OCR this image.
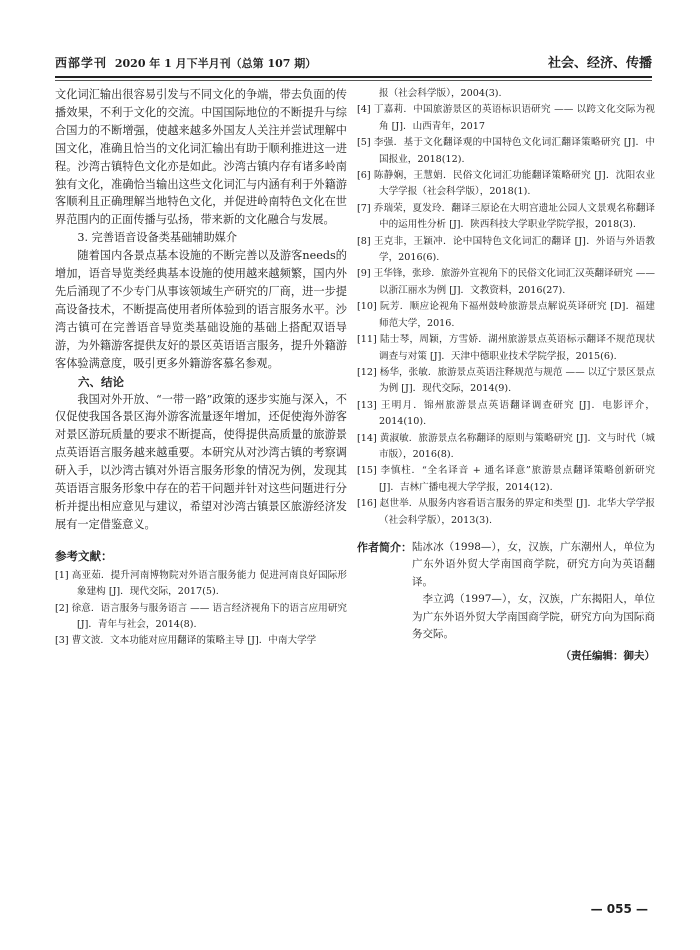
西部学刊 2020 年 1 月下半月刊（总第 107 期）	社会、经济、传播

文化词汇输出很容易引发与不同文化的争端，带去负面的传播效果，不利于文化的交流。中国国际地位的不断提升与综合国力的不断增强，使越来越多外国友人关注并尝试理解中国文化，准确且恰当的文化词汇输出有助于顺利推进这一进程。沙湾古镇特色文化亦是如此。沙湾古镇内存有诸多岭南独有文化，准确恰当输出这些文化词汇与内涵有利于外籍游客顺利且正确理解当地特色文化，并促进岭南特色文化在世界范围内的正面传播与弘扬，带来新的文化融合与发展。

3. 完善语音设备类基础辅助媒介

随着国内各景点基本设施的不断完善以及游客needs的增加，语音导览类经典基本设施的使用越来越频繁，国内外先后涌现了不少专门从事该领域生产研究的厂商，进一步提高设备技术，不断提高使用者所体验到的语言服务水平。沙湾古镇可在完善语音导览类基础设施的基础上搭配双语导游，为外籍游客提供友好的景区英语语言服务，提升外籍游客体验满意度，吸引更多外籍游客慕名参观。

六、结论

我国对外开放、“一带一路”政策的逐步实施与深入，不仅促使我国各景区海外游客流量逐年增加，还促使海外游客对景区游玩质量的要求不断提高，使得提供高质量的旅游景点英语语言服务越来越重要。本研究从对沙湾古镇的考察调研入手，以沙湾古镇对外语言服务形象的情况为例，发现其英语语言服务形象中存在的若干问题并针对这些问题进行分析并提出相应意见与建议，希望对沙湾古镇景区旅游经济发展有一定借鉴意义。

参考文献：

[1] 高亚茹．提升河南博物院对外语言服务能力 促进河南良好国际形象建构 [J]．现代交际，2017(5).

[2] 徐意．语言服务与服务语言 —— 语言经济视角下的语言应用研究 [J]．青年与社会，2014(8).

[3] 曹文波．文本功能对应用翻译的策略主导 [J]．中南大学学

报（社会科学版），2004(3).

[4] 丁嘉莉．中国旅游景区的英语标识语研究 —— 以跨文化交际为视角 [J]．山西青年，2017

[5] 李强．基于文化翻译观的中国特色文化词汇翻译策略研究 [J]．中国报业，2018(12).

[6] 陈静娴，王慧娟．民俗文化词汇功能翻译策略研究 [J]．沈阳农业大学学报（社会科学版），2018(1).

[7] 乔瑞荣，夏发玲．翻译三原论在大明宫遗址公园人文景观名称翻译中的运用性分析 [J]．陕西科技大学职业学院学报，2018(3).

[8] 王克非，王颖冲．论中国特色文化词汇的翻译 [J]．外语与外语教学，2016(6).

[9] 王华锋，张珍．旅游外宣视角下的民俗文化词汇汉英翻译研究 —— 以浙江丽水为例 [J]．文教资料，2016(27).

[10] 阮芳．顺应论视角下福州鼓岭旅游景点解说英译研究 [D]．福建师范大学，2016.

[11] 陆士琴，周颖，方雪娇．湖州旅游景点英语标示翻译不规范现状调查与对策 [J]．天津中德职业技术学院学报，2015(6).

[12] 杨华，张敏．旅游景点英语注释规范与规范 —— 以辽宁景区景点为例 [J]．现代交际，2014(9).

[13] 王明月．锦州旅游景点英语翻译调查研究 [J]．电影评介，2014(10).

[14] 黄淑敏．旅游景点名称翻译的原则与策略研究 [J]．文与时代（城市版），2016(8).

[15] 李慎柱．“全名译音 + 通名译意”旅游景点翻译策略创新研究 [J]．吉林广播电视大学学报，2014(12).

[16] 赵世举．从服务内容看语言服务的界定和类型 [J]．北华大学学报（社会科学版），2013(3).

作者简介： 陆冰冰（1998—），女，汉族，广东潮州人，单位为广东外语外贸大学南国商学院，研究方向为英语翻译。

李立鸿（1997—），女，汉族，广东揭阳人，单位为广东外语外贸大学南国商学院，研究方向为国际商务交际。

（责任编辑：御夫）
— 055 —
